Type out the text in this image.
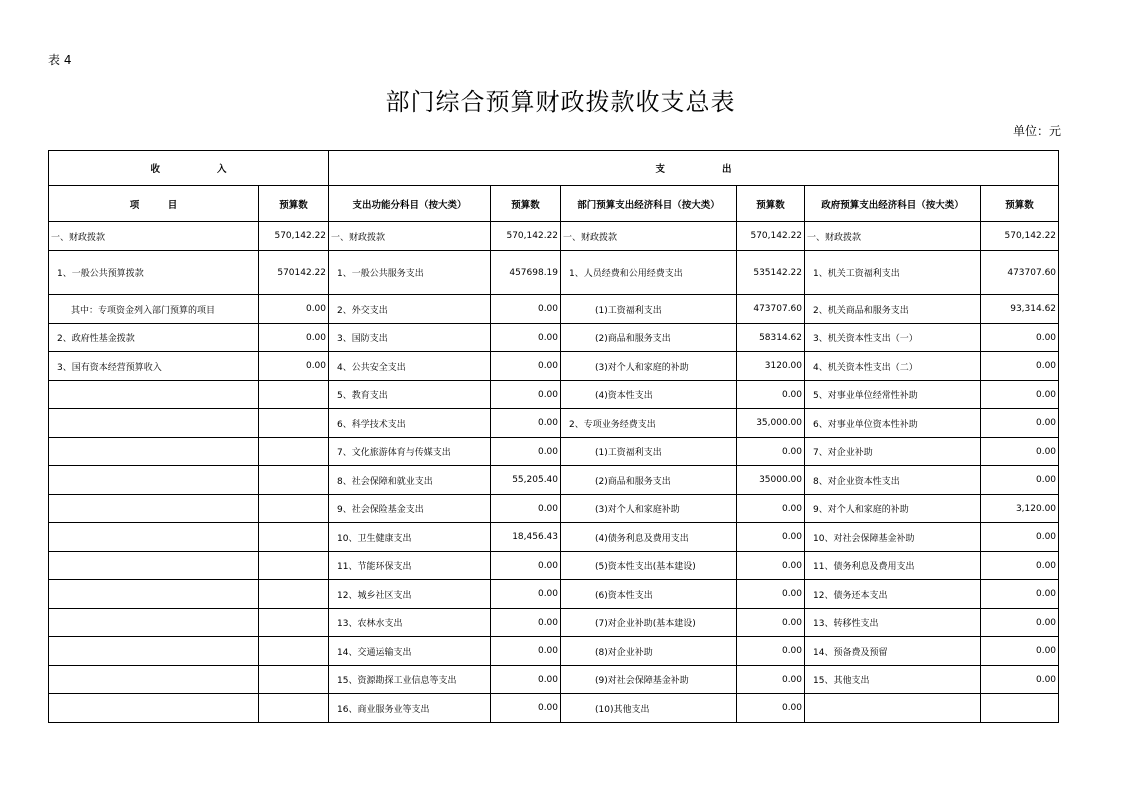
表 4
部门综合预算财政拨款收支总表
单位：元
收　　　　　　入		支　　　　　　出					
项　　　目	预算数	支出功能分科目（按大类）	预算数	部门预算支出经济科目（按大类）	预算数	政府预算支出经济科目（按大类）	预算数
一、财政拨款	570,142.22	一、财政拨款	570,142.22	一、财政拨款	570,142.22	一、财政拨款	570,142.22
1、一般公共预算拨款	570142.22	1、一般公共服务支出	457698.19	1、人员经费和公用经费支出	535142.22	1、机关工资福利支出	473707.60
其中：专项资金列入部门预算的项目	0.00	2、外交支出	0.00	(1)工资福利支出	473707.60	2、机关商品和服务支出	93,314.62
2、政府性基金拨款	0.00	3、国防支出	0.00	(2)商品和服务支出	58314.62	3、机关资本性支出（一）	0.00
3、国有资本经营预算收入	0.00	4、公共安全支出	0.00	(3)对个人和家庭的补助	3120.00	4、机关资本性支出（二）	0.00
		5、教育支出	0.00	(4)资本性支出	0.00	5、对事业单位经常性补助	0.00
		6、科学技术支出	0.00	2、专项业务经费支出	35,000.00	6、对事业单位资本性补助	0.00
		7、文化旅游体育与传媒支出	0.00	(1)工资福利支出	0.00	7、对企业补助	0.00
		8、社会保障和就业支出	55,205.40	(2)商品和服务支出	35000.00	8、对企业资本性支出	0.00
		9、社会保险基金支出	0.00	(3)对个人和家庭补助	0.00	9、对个人和家庭的补助	3,120.00
		10、卫生健康支出	18,456.43	(4)债务利息及费用支出	0.00	10、对社会保障基金补助	0.00
		11、节能环保支出	0.00	(5)资本性支出(基本建设)	0.00	11、债务利息及费用支出	0.00
		12、城乡社区支出	0.00	(6)资本性支出	0.00	12、债务还本支出	0.00
		13、农林水支出	0.00	(7)对企业补助(基本建设)	0.00	13、转移性支出	0.00
		14、交通运输支出	0.00	(8)对企业补助	0.00	14、预备费及预留	0.00
		15、资源勘探工业信息等支出	0.00	(9)对社会保障基金补助	0.00	15、其他支出	0.00
		16、商业服务业等支出	0.00	(10)其他支出	0.00		
